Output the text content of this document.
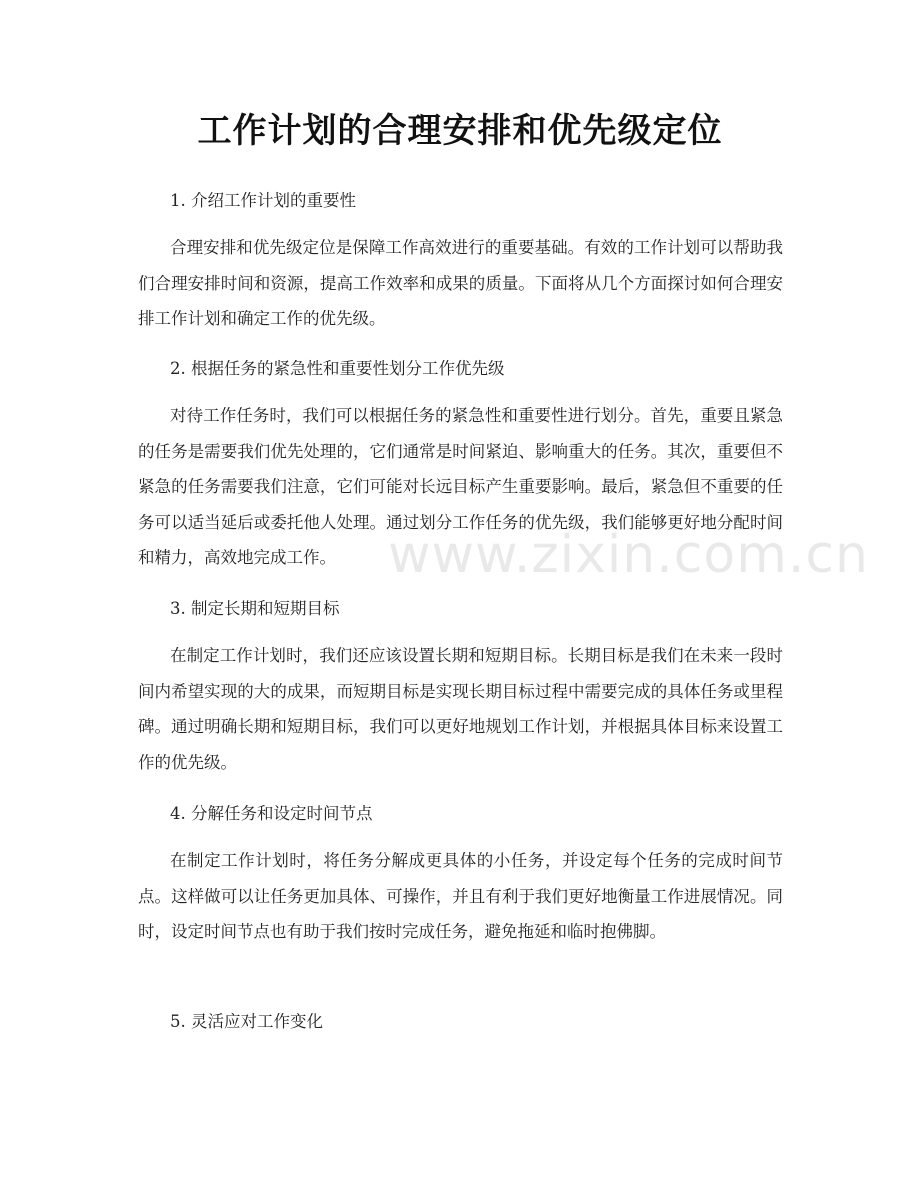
工作计划的合理安排和优先级定位
1. 介绍工作计划的重要性
合理安排和优先级定位是保障工作高效进行的重要基础。有效的工作计划可以帮助我们合理安排时间和资源，提高工作效率和成果的质量。下面将从几个方面探讨如何合理安排工作计划和确定工作的优先级。
2. 根据任务的紧急性和重要性划分工作优先级
对待工作任务时，我们可以根据任务的紧急性和重要性进行划分。首先，重要且紧急的任务是需要我们优先处理的，它们通常是时间紧迫、影响重大的任务。其次，重要但不紧急的任务需要我们注意，它们可能对长远目标产生重要影响。最后，紧急但不重要的任务可以适当延后或委托他人处理。通过划分工作任务的优先级，我们能够更好地分配时间和精力，高效地完成工作。
3. 制定长期和短期目标
在制定工作计划时，我们还应该设置长期和短期目标。长期目标是我们在未来一段时间内希望实现的大的成果，而短期目标是实现长期目标过程中需要完成的具体任务或里程碑。通过明确长期和短期目标，我们可以更好地规划工作计划，并根据具体目标来设置工作的优先级。
4. 分解任务和设定时间节点
在制定工作计划时，将任务分解成更具体的小任务，并设定每个任务的完成时间节点。这样做可以让任务更加具体、可操作，并且有利于我们更好地衡量工作进展情况。同时，设定时间节点也有助于我们按时完成任务，避免拖延和临时抱佛脚。
5. 灵活应对工作变化
www.zixin.com.cn
